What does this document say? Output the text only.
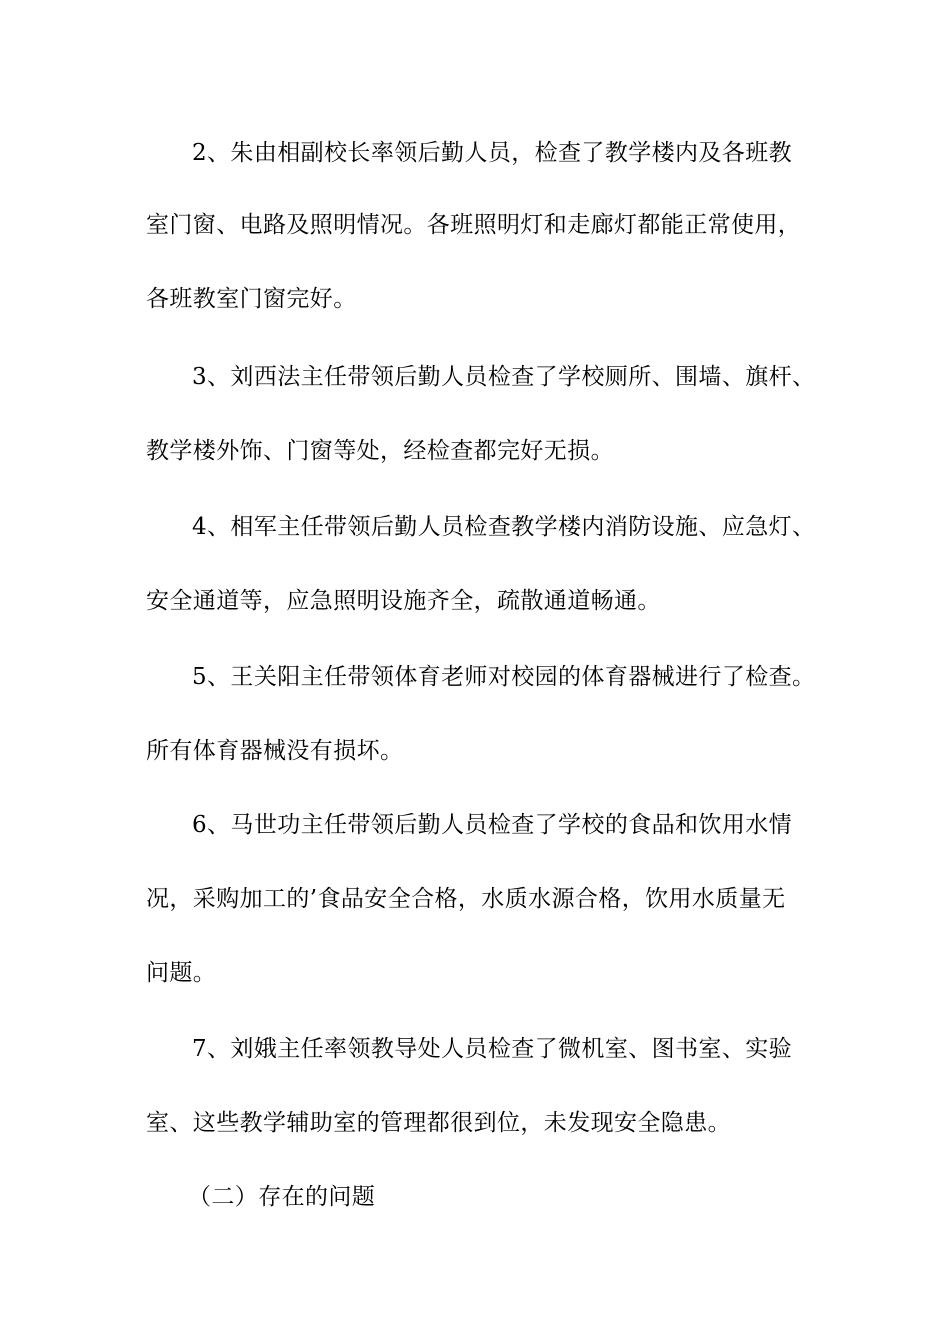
2、朱由相副校长率领后勤人员，检查了教学楼内及各班教
室门窗、电路及照明情况。各班照明灯和走廊灯都能正常使用，
各班教室门窗完好。
3、刘西法主任带领后勤人员检查了学校厕所、围墙、旗杆、
教学楼外饰、门窗等处，经检查都完好无损。
4、相军主任带领后勤人员检查教学楼内消防设施、应急灯、
安全通道等，应急照明设施齐全，疏散通道畅通。
5、王关阳主任带领体育老师对校园的体育器械进行了检查。
所有体育器械没有损坏。
6、马世功主任带领后勤人员检查了学校的食品和饮用水情
况，采购加工的’食品安全合格，水质水源合格，饮用水质量无
问题。
7、刘娥主任率领教导处人员检查了微机室、图书室、实验
室、这些教学辅助室的管理都很到位，未发现安全隐患。
（二）存在的问题
